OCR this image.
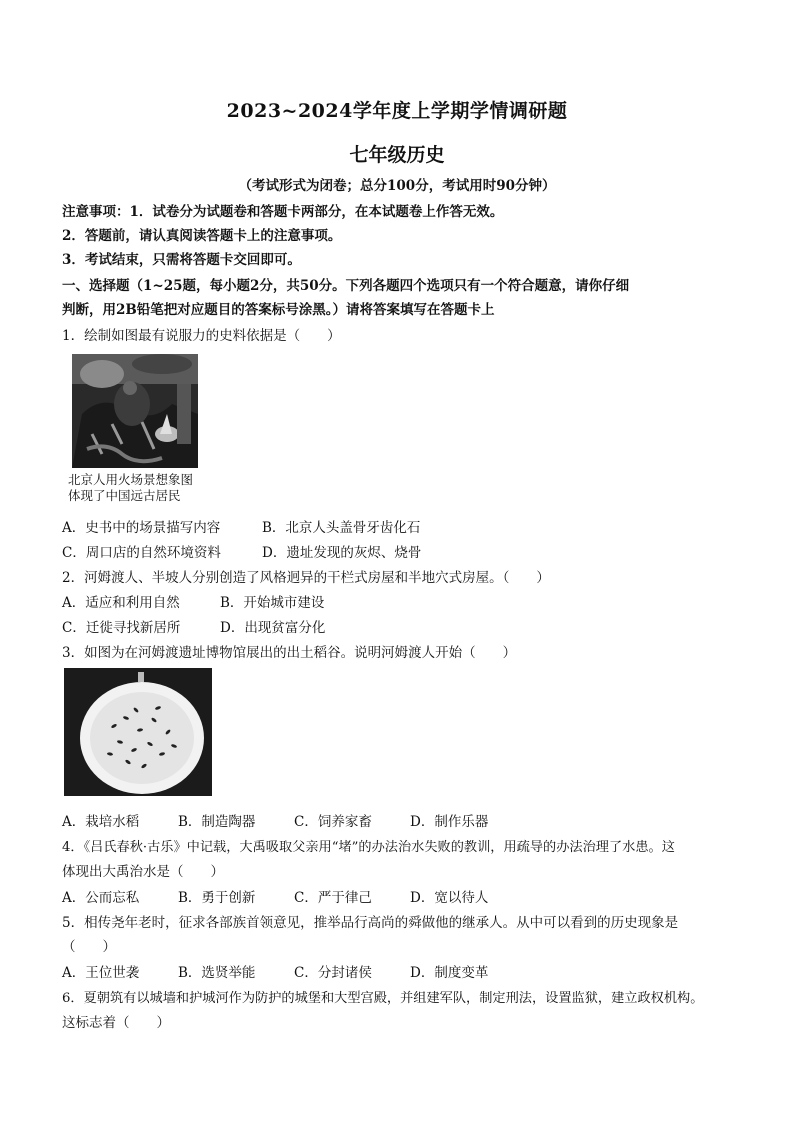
2023~2024学年度上学期学情调研题
七年级历史
（考试形式为闭卷；总分100分，考试用时90分钟）
注意事项：1．试卷分为试题卷和答题卡两部分，在本试题卷上作答无效。
2．答题前，请认真阅读答题卡上的注意事项。
3．考试结束，只需将答题卡交回即可。
一、选择题（1~25题，每小题2分，共50分。下列各题四个选项只有一个符合题意，请你仔细
判断，用2B铅笔把对应题目的答案标号涂黑。）请将答案填写在答题卡上
1．绘制如图最有说服力的史料依据是（　　）
北京人用火场景想象图
体现了中国远古居民
A．史书中的场景描写内容	B．北京人头盖骨牙齿化石
C．周口店的自然环境资料	D．遗址发现的灰烬、烧骨
2．河姆渡人、半坡人分别创造了风格迥异的干栏式房屋和半地穴式房屋。（　　）
A．适应和利用自然	B．开始城市建设
C．迁徙寻找新居所	D．出现贫富分化
3．如图为在河姆渡遗址博物馆展出的出土稻谷。说明河姆渡人开始（　　）
A．栽培水稻	B．制造陶器	C．饲养家畜	D．制作乐器
4．《吕氏春秋·古乐》中记载，大禹吸取父亲用“堵”的办法治水失败的教训，用疏导的办法治理了水患。这
体现出大禹治水是（　　）
A．公而忘私	B．勇于创新	C．严于律己	D．宽以待人
5．相传尧年老时，征求各部族首领意见，推举品行高尚的舜做他的继承人。从中可以看到的历史现象是
（　　）
A．王位世袭	B．选贤举能	C．分封诸侯	D．制度变革
6．夏朝筑有以城墙和护城河作为防护的城堡和大型宫殿，并组建军队，制定刑法，设置监狱，建立政权机构。
这标志着（　　）
